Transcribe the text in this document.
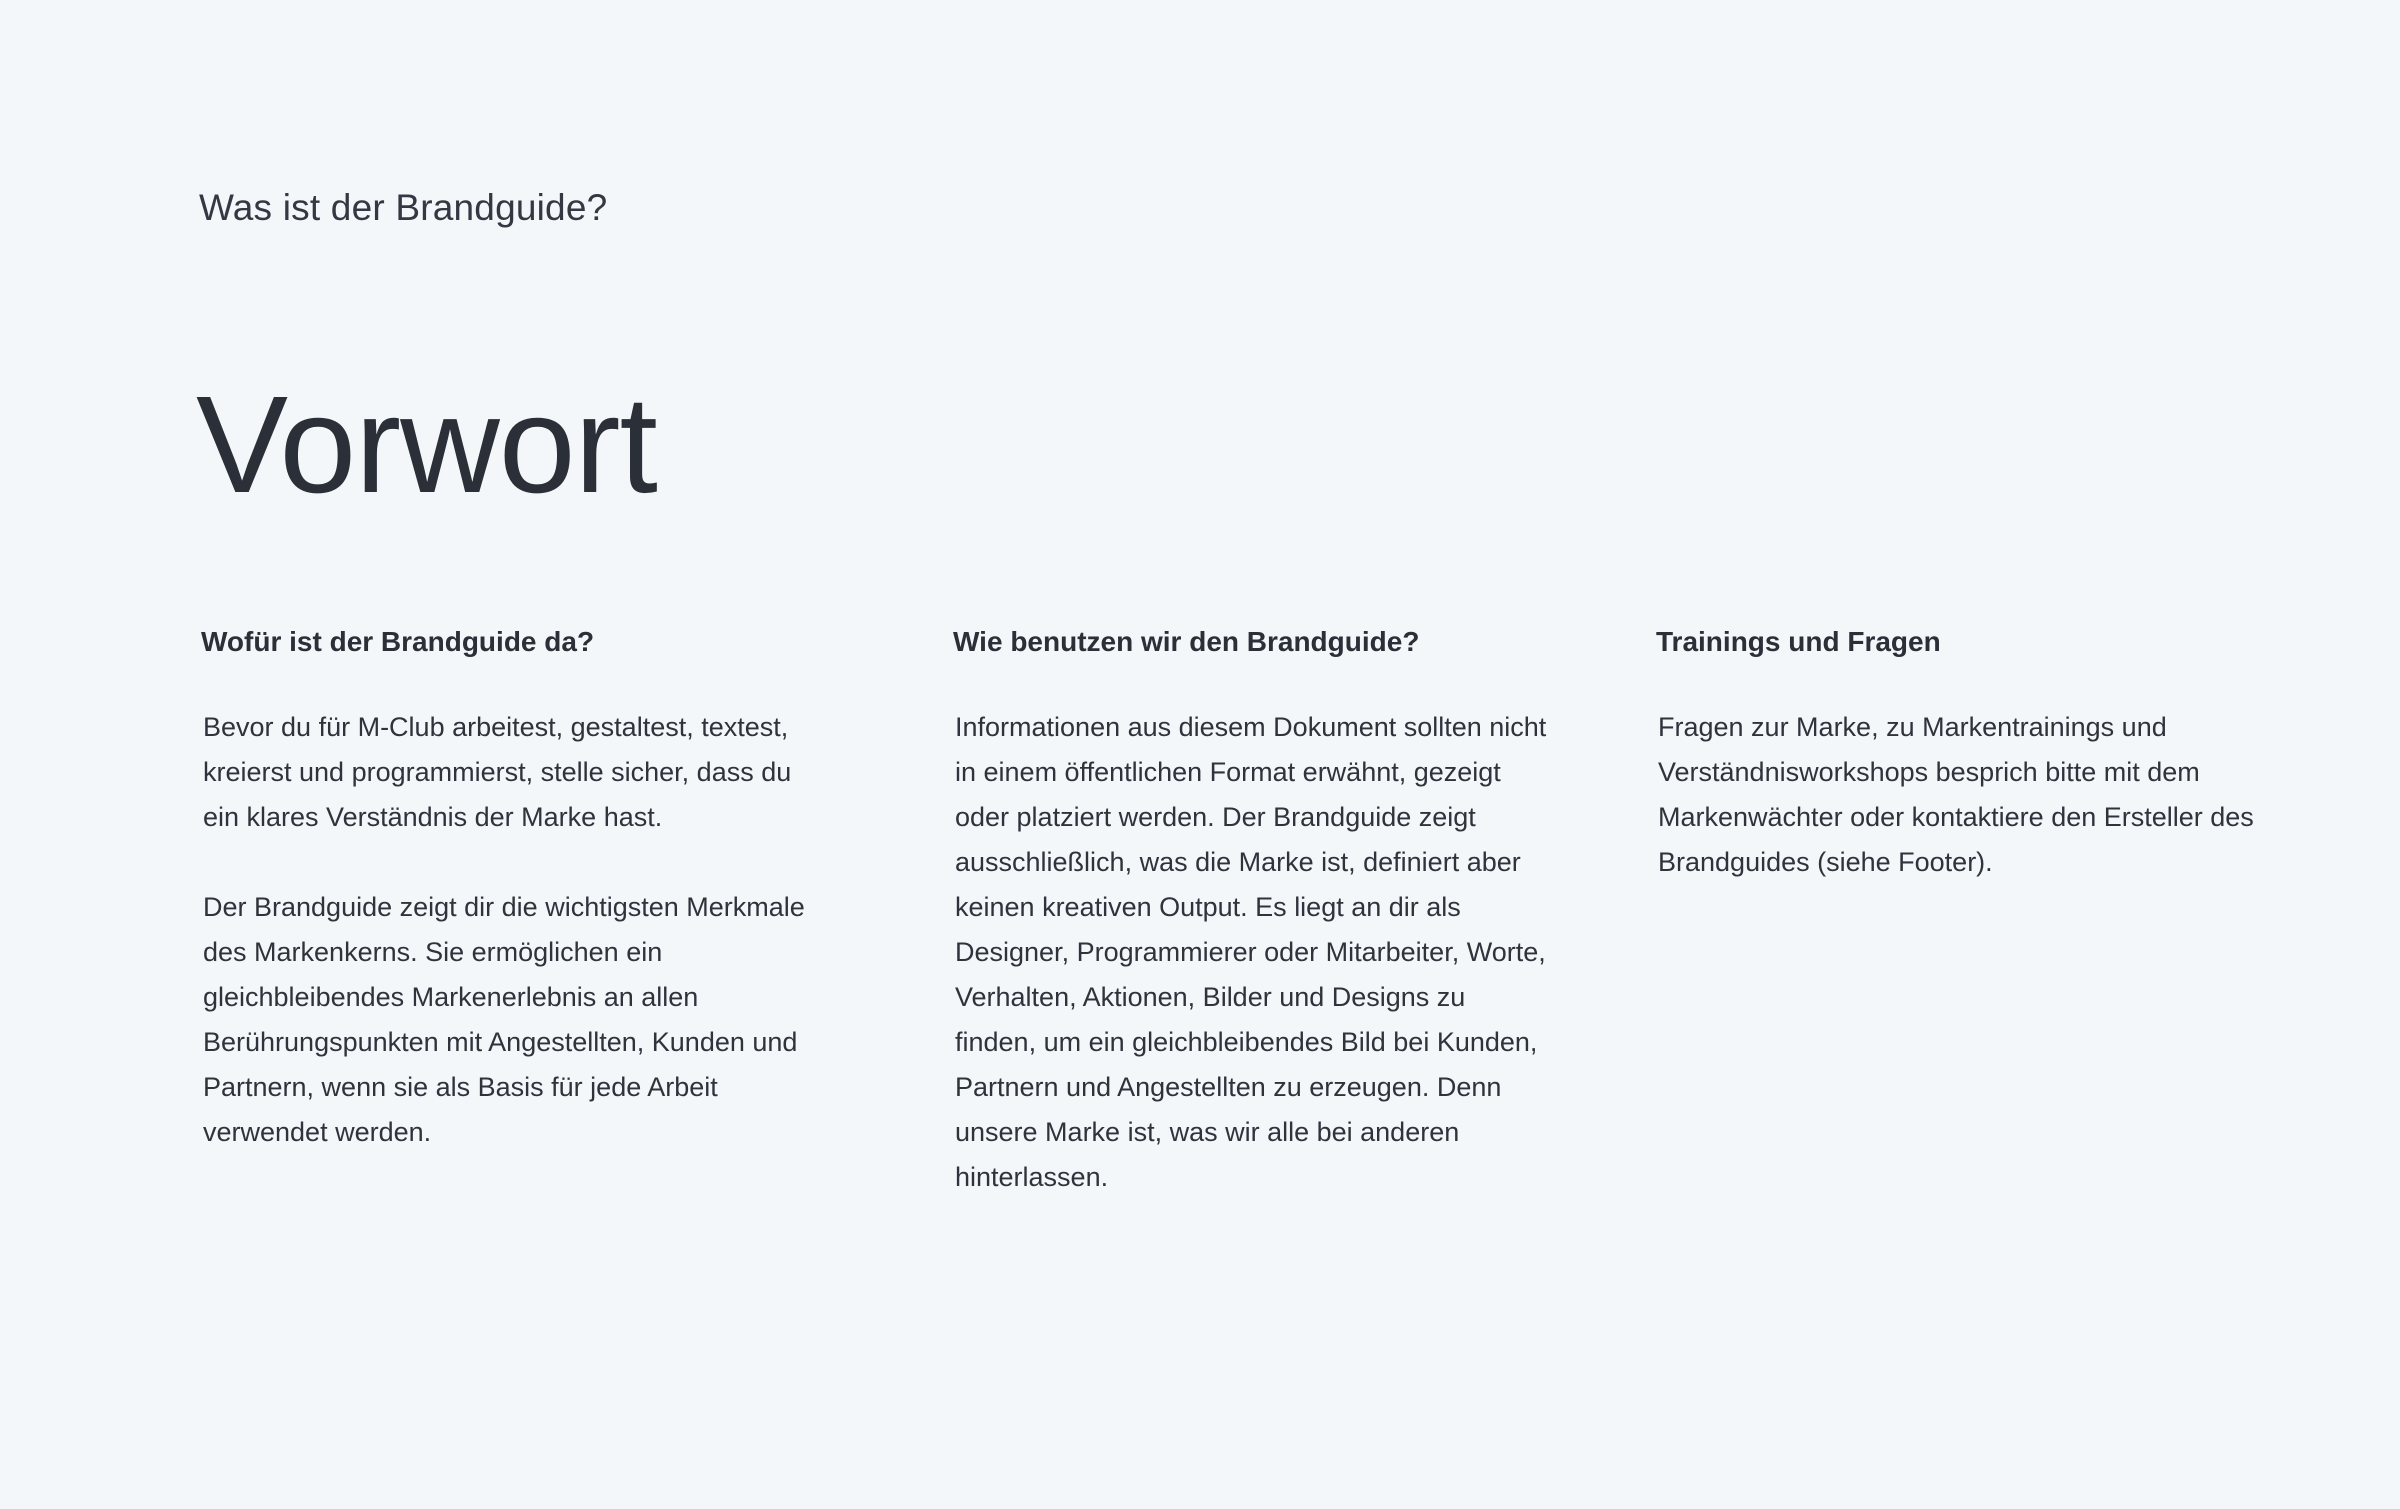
Was ist der Brandguide?
Vorwort
Wofür ist der Brandguide da?

Bevor du für M-Club arbeitest, gestaltest, textest, kreierst und programmierst, stelle sicher, dass du ein klares Verständnis der Marke hast.

Der Brandguide zeigt dir die wichtigsten Merkmale des Markenkerns. Sie ermöglichen ein gleichbleibendes Markenerlebnis an allen Berührungspunkten mit Angestellten, Kunden und Partnern, wenn sie als Basis für jede Arbeit verwendet werden.

Wie benutzen wir den Brandguide?

Informationen aus diesem Dokument sollten nicht in einem öffentlichen Format erwähnt, gezeigt oder platziert werden. Der Brandguide zeigt ausschließlich, was die Marke ist, definiert aber keinen kreativen Output. Es liegt an dir als Designer, Programmierer oder Mitarbeiter, Worte, Verhalten, Aktionen, Bilder und Designs zu finden, um ein gleichbleibendes Bild bei Kunden, Partnern und Angestellten zu erzeugen. Denn unsere Marke ist, was wir alle bei anderen hinterlassen.

Trainings und Fragen

Fragen zur Marke, zu Markentrainings und Verständnisworkshops besprich bitte mit dem Markenwächter oder kontaktiere den Ersteller des Brandguides (siehe Footer).
